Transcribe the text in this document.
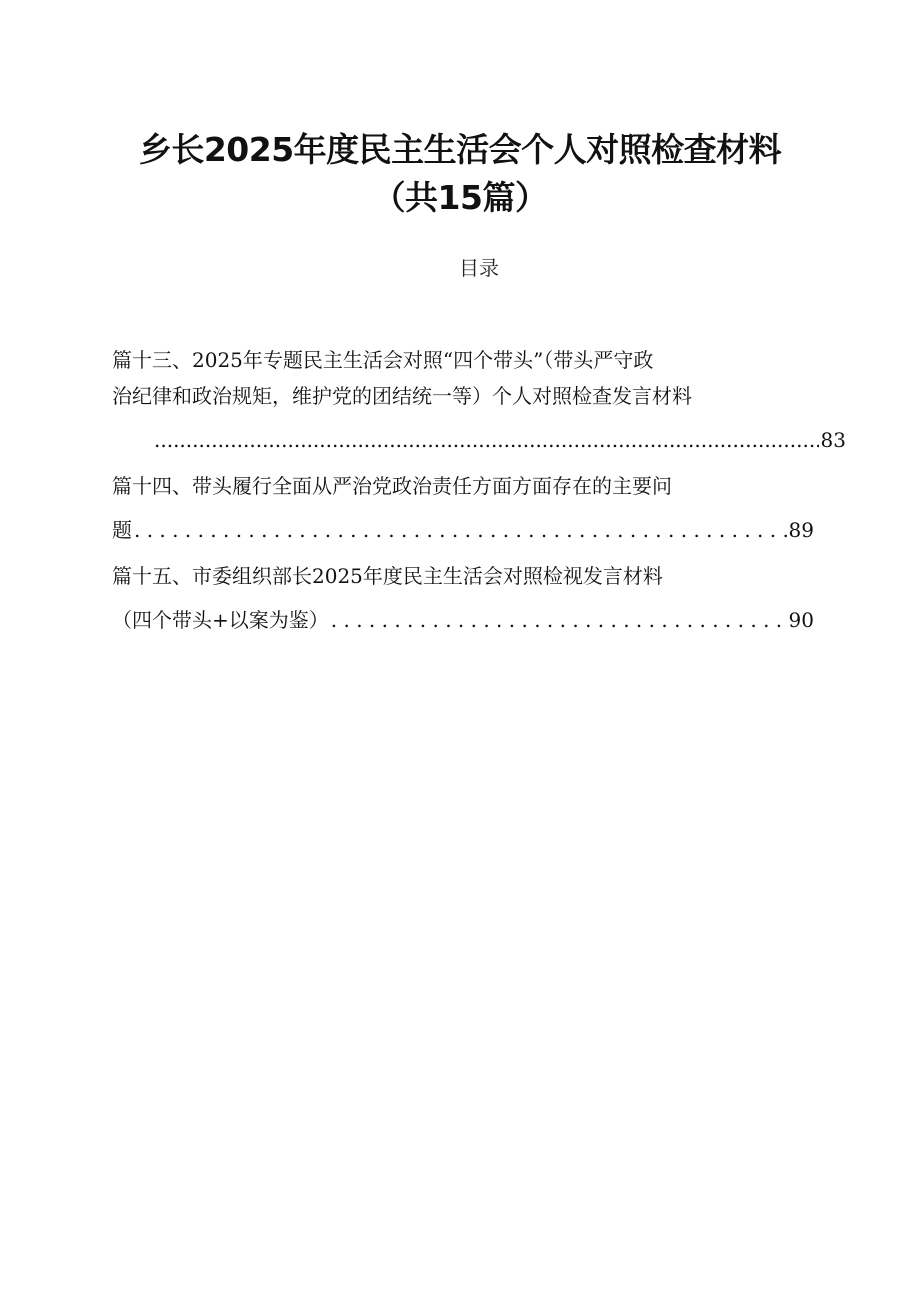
乡长2025年度民主生活会个人对照检查材料
（共15篇）
目录
篇十三、2025年专题民主生活会对照“四个带头”（带头严守政
治纪律和政治规矩，维护党的团结统一等）个人对照检查发言材料
.....
83
篇十四、带头履行全面从严治党政治责任方面方面存在的主要问
题 . . .	89
篇十五、市委组织部长2025年度民主生活会对照检视发言材料
（四个带头+以案为鉴） . . .	90
